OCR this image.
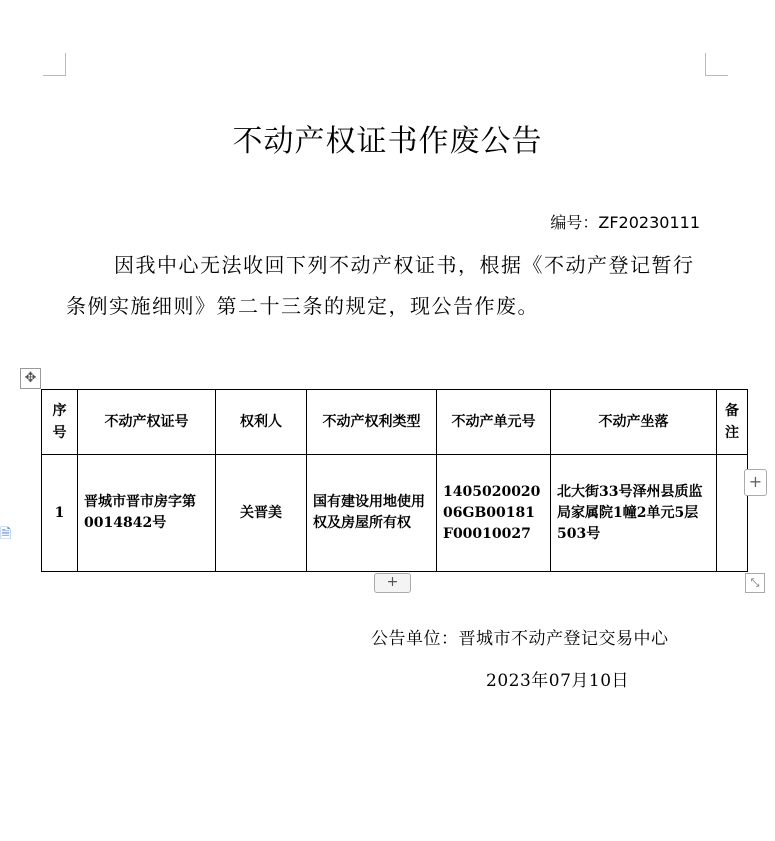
不动产权证书作废公告
编号：ZF20230111
因我中心无法收回下列不动产权证书，根据《不动产登记暂行条例实施细则》第二十三条的规定，现公告作废。
✥
序号	不动产权证号	权利人	不动产权利类型	不动产单元号	不动产坐落	备注
1	晋城市晋市房字第0014842号	关晋美	国有建设用地使用权及房屋所有权	140502002006GB00181F00010027	北大街33号泽州县质监局家属院1幢2单元5层503号	
+
+	⤡
🗎
公告单位：晋城市不动产登记交易中心
2023年07月10日
